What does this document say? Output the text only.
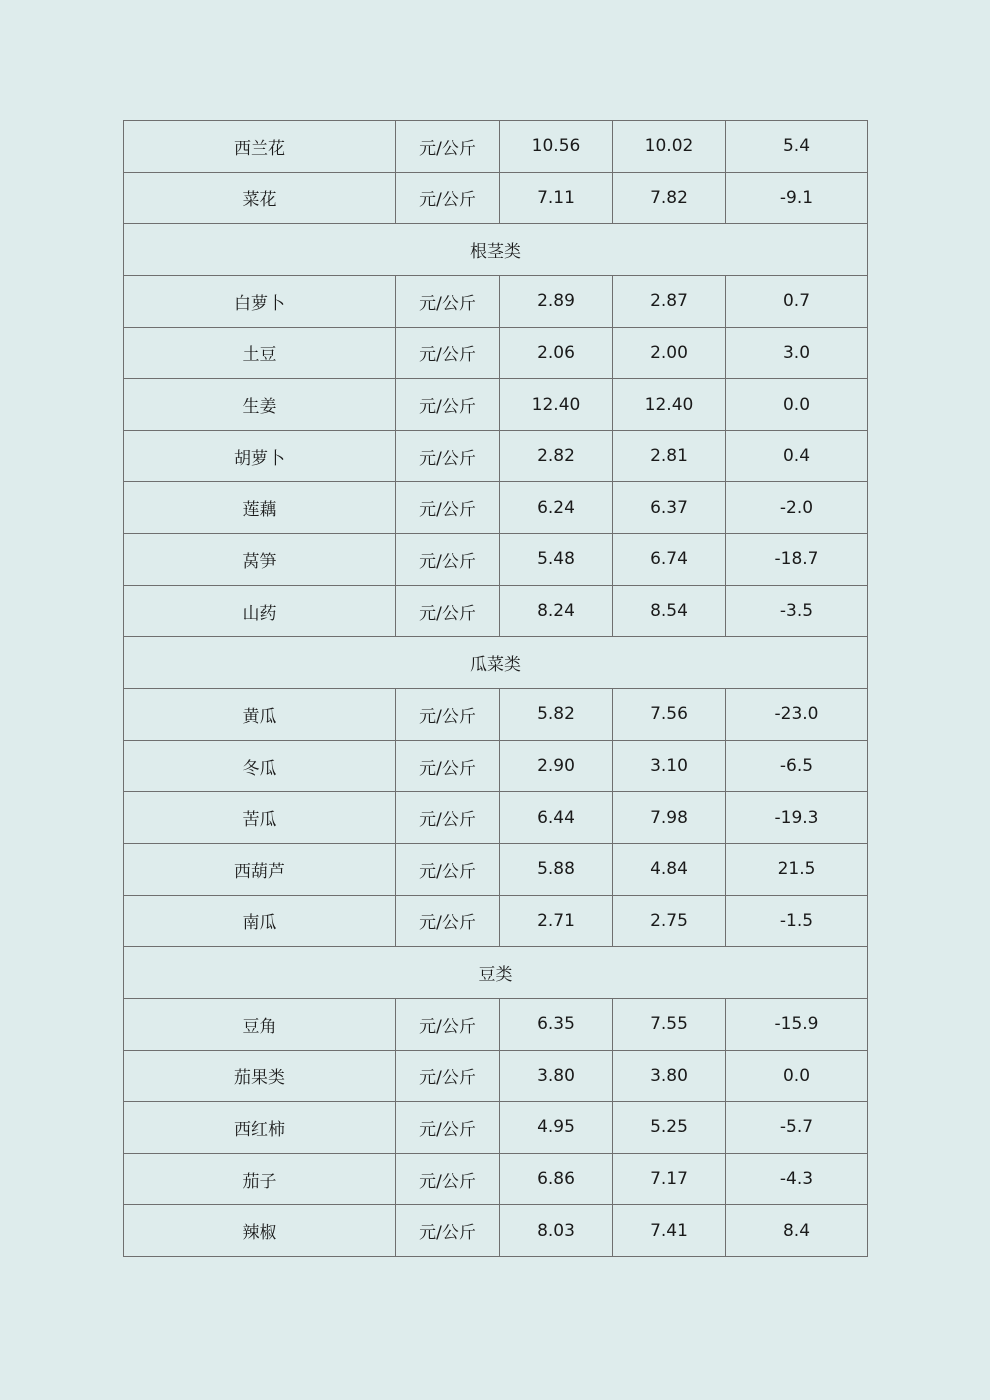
西兰花	元/公斤	10.56	10.02	5.4
菜花	元/公斤	7.11	7.82	-9.1
根茎类				
白萝卜	元/公斤	2.89	2.87	0.7
土豆	元/公斤	2.06	2.00	3.0
生姜	元/公斤	12.40	12.40	0.0
胡萝卜	元/公斤	2.82	2.81	0.4
莲藕	元/公斤	6.24	6.37	-2.0
莴笋	元/公斤	5.48	6.74	-18.7
山药	元/公斤	8.24	8.54	-3.5
瓜菜类				
黄瓜	元/公斤	5.82	7.56	-23.0
冬瓜	元/公斤	2.90	3.10	-6.5
苦瓜	元/公斤	6.44	7.98	-19.3
西葫芦	元/公斤	5.88	4.84	21.5
南瓜	元/公斤	2.71	2.75	-1.5
豆类				
豆角	元/公斤	6.35	7.55	-15.9
茄果类	元/公斤	3.80	3.80	0.0
西红柿	元/公斤	4.95	5.25	-5.7
茄子	元/公斤	6.86	7.17	-4.3
辣椒	元/公斤	8.03	7.41	8.4
